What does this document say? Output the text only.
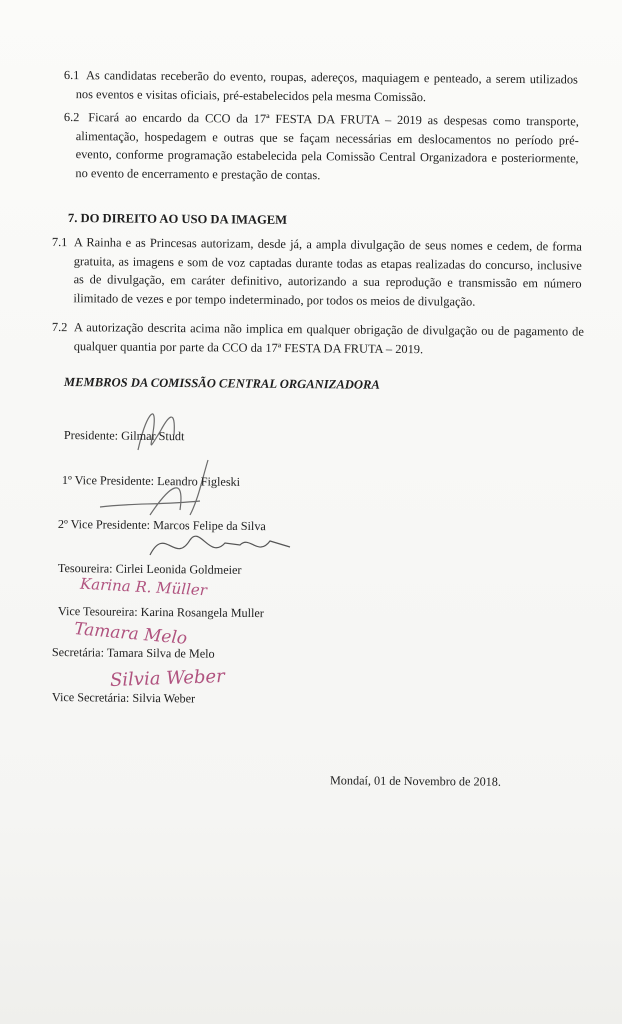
6.1 As candidatas receberão do evento, roupas, adereços, maquiagem e penteado, a serem utilizados nos eventos e visitas oficiais, pré-estabelecidos pela mesma Comissão.
6.2 Ficará ao encardo da CCO da 17ª FESTA DA FRUTA – 2019 as despesas como transporte, alimentação, hospedagem e outras que se façam necessárias em deslocamentos no período pré-evento, conforme programação estabelecida pela Comissão Central Organizadora e posteriormente, no evento de encerramento e prestação de contas.
7. DO DIREITO AO USO DA IMAGEM
7.1 A Rainha e as Princesas autorizam, desde já, a ampla divulgação de seus nomes e cedem, de forma gratuita, as imagens e som de voz captadas durante todas as etapas realizadas do concurso, inclusive as de divulgação, em caráter definitivo, autorizando a sua reprodução e transmissão em número ilimitado de vezes e por tempo indeterminado, por todos os meios de divulgação.
7.2 A autorização descrita acima não implica em qualquer obrigação de divulgação ou de pagamento de qualquer quantia por parte da CCO da 17ª FESTA DA FRUTA – 2019.
MEMBROS DA COMISSÃO CENTRAL ORGANIZADORA
Karina R. Müller
Tamara Melo
Silvia Weber
Presidente: Gilmar Studt
1º Vice Presidente: Leandro Figleski
2º Vice Presidente: Marcos Felipe da Silva
Tesoureira: Cirlei Leonida Goldmeier
Vice Tesoureira: Karina Rosangela Muller
Secretária: Tamara Silva de Melo
Vice Secretária: Silvia Weber
Mondaí, 01 de Novembro de 2018.
